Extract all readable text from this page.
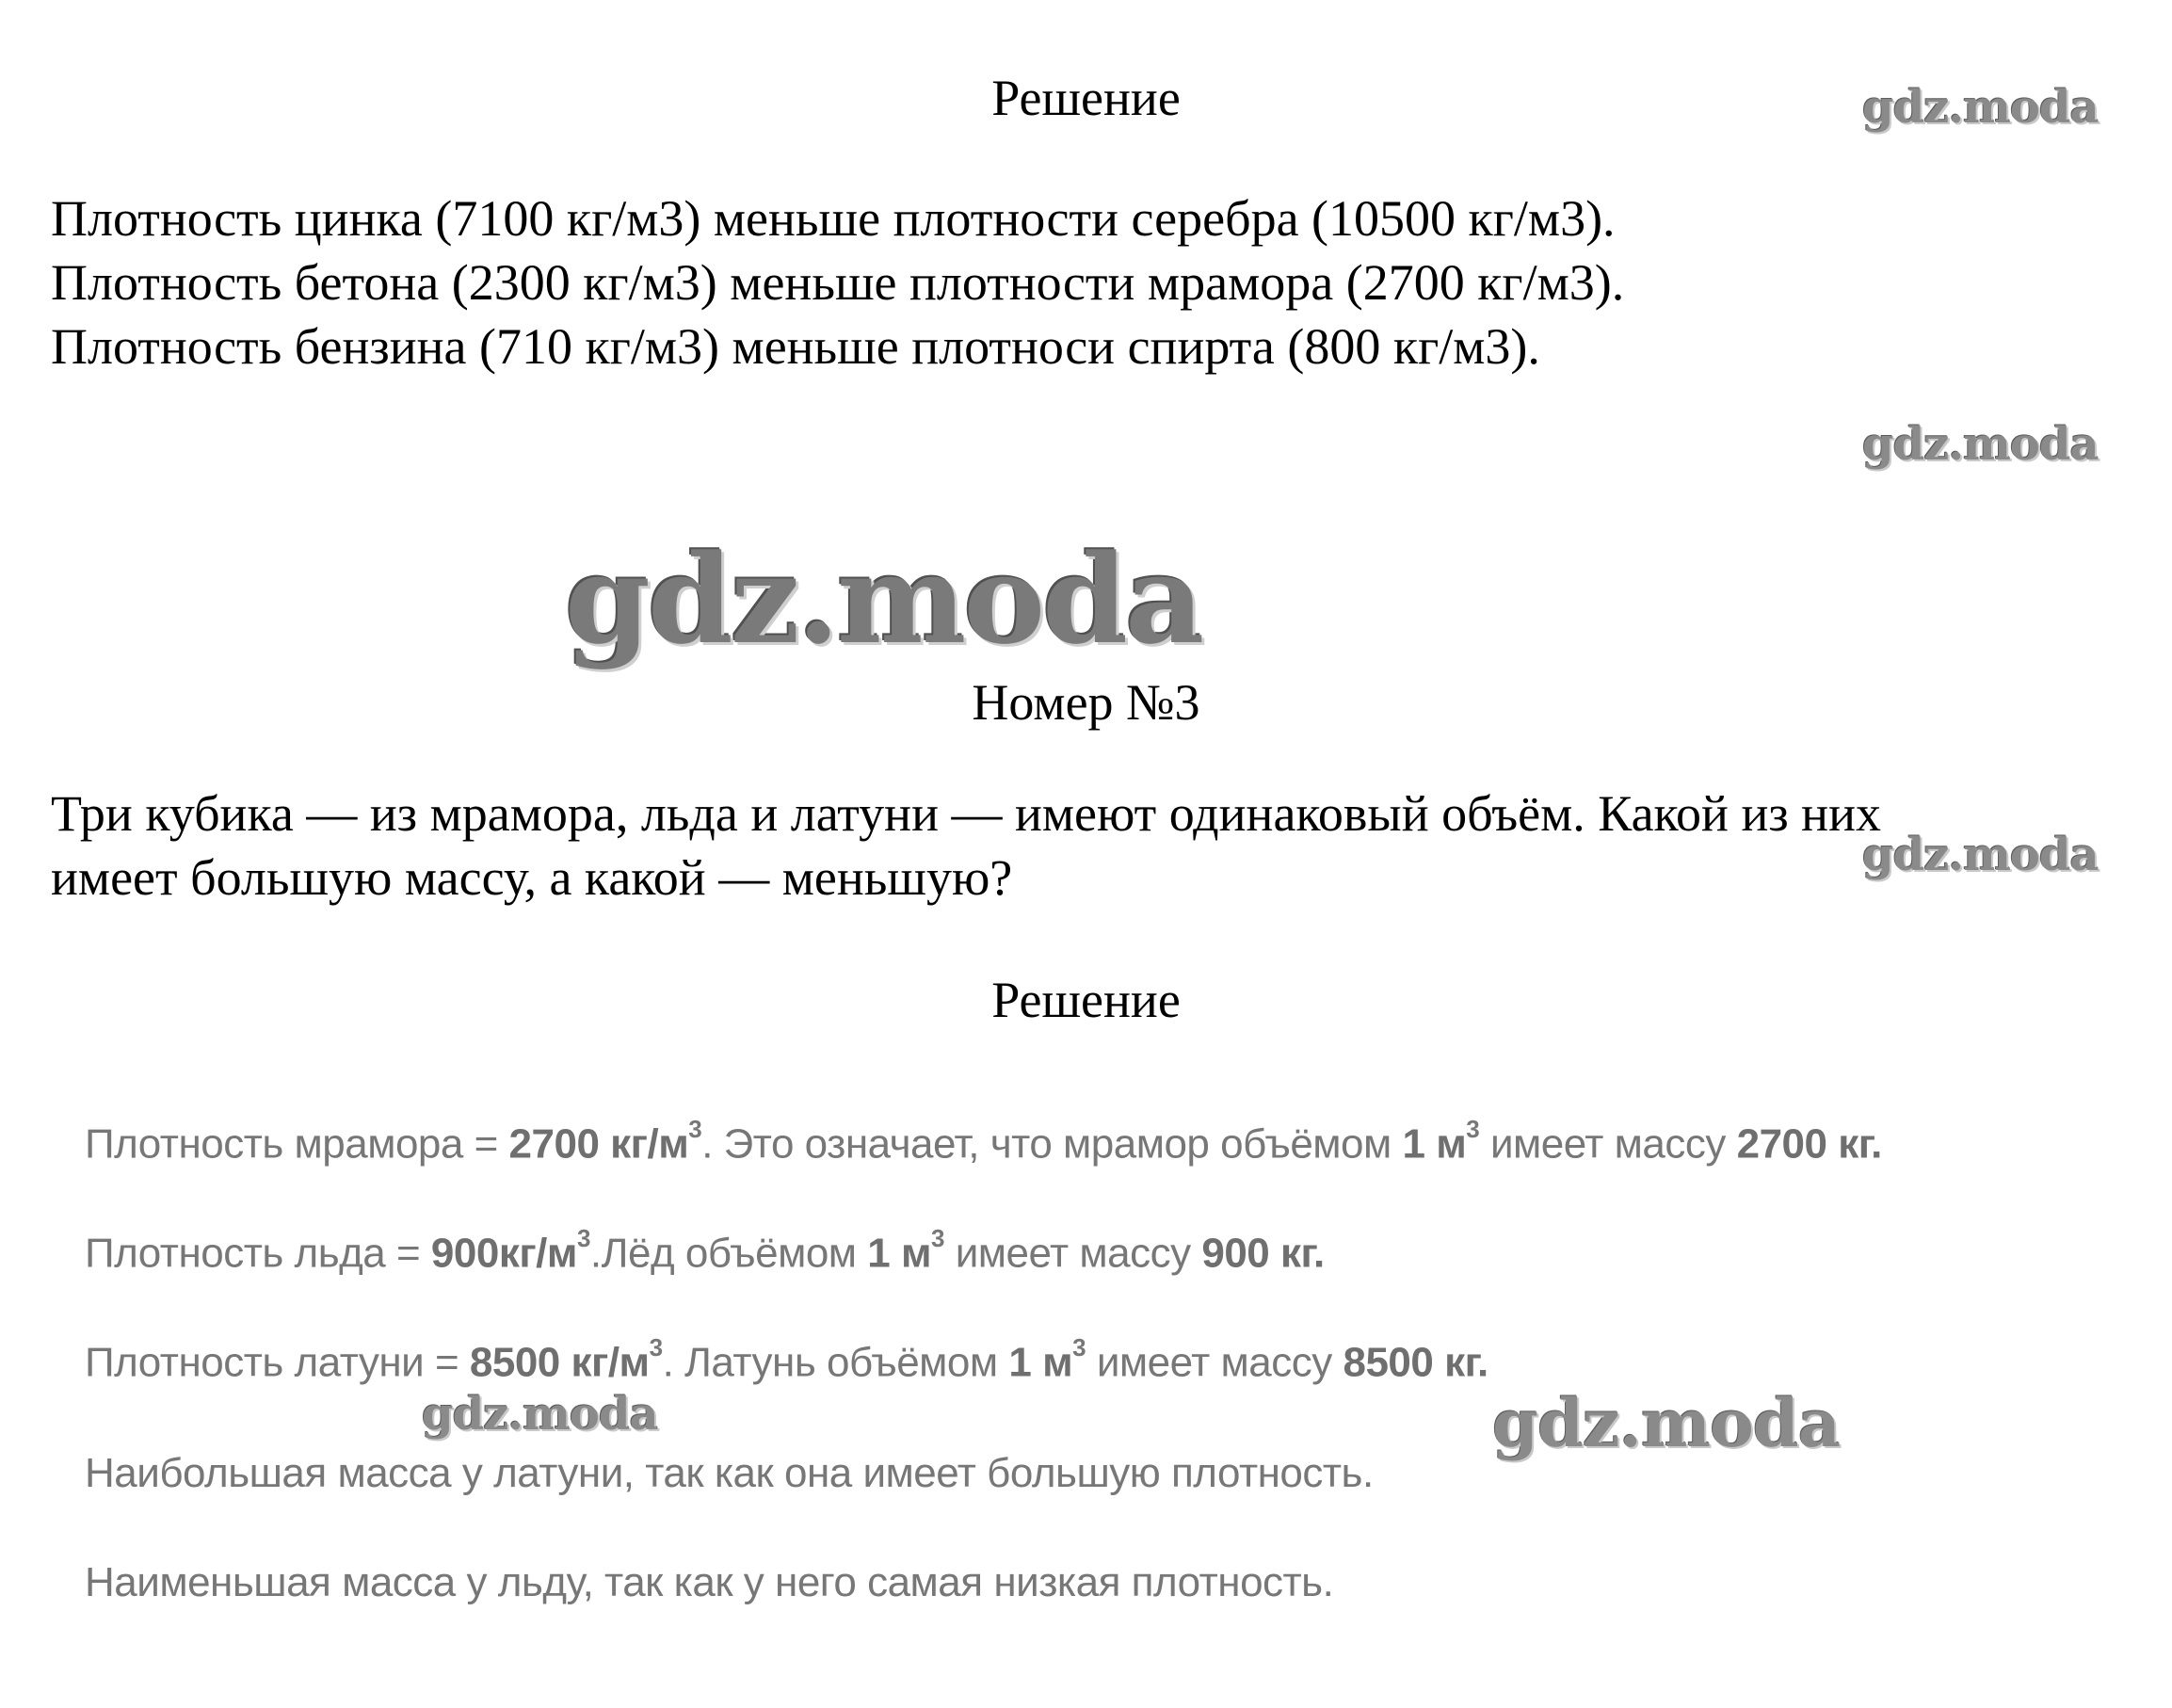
Решение
Плотность цинка (7100 кг/м3) меньше плотности серебра (10500 кг/м3).
Плотность бетона (2300 кг/м3) меньше плотности мрамора (2700 кг/м3).
Плотность бензина (710 кг/м3) меньше плотноси спирта (800 кг/м3).
Номер №3
Три кубика — из мрамора, льда и латуни — имеют одинаковый объём. Какой из них
имеет большую массу, а какой — меньшую?
Решение
Плотность мрамора = 2700 $кг/м^3$. Это означает, что мрамор объёмом 1 $м^3$ имеет массу 2700 кг.
Плотность льда = $900кг/м^3.Лёд$ объёмом 1 $м^3$ имеет массу 900 кг.
Плотность латуни = 8500 $кг/м^3$. Латунь объёмом 1 $м^3$ имеет массу 8500 кг.
Наибольшая масса у латуни, так как она имеет большую плотность.
Наименьшая масса у льду, так как у него самая низкая плотность.
gdz.moda
gdz.moda
gdz.moda
gdz.moda
gdz.moda	gdz.moda
